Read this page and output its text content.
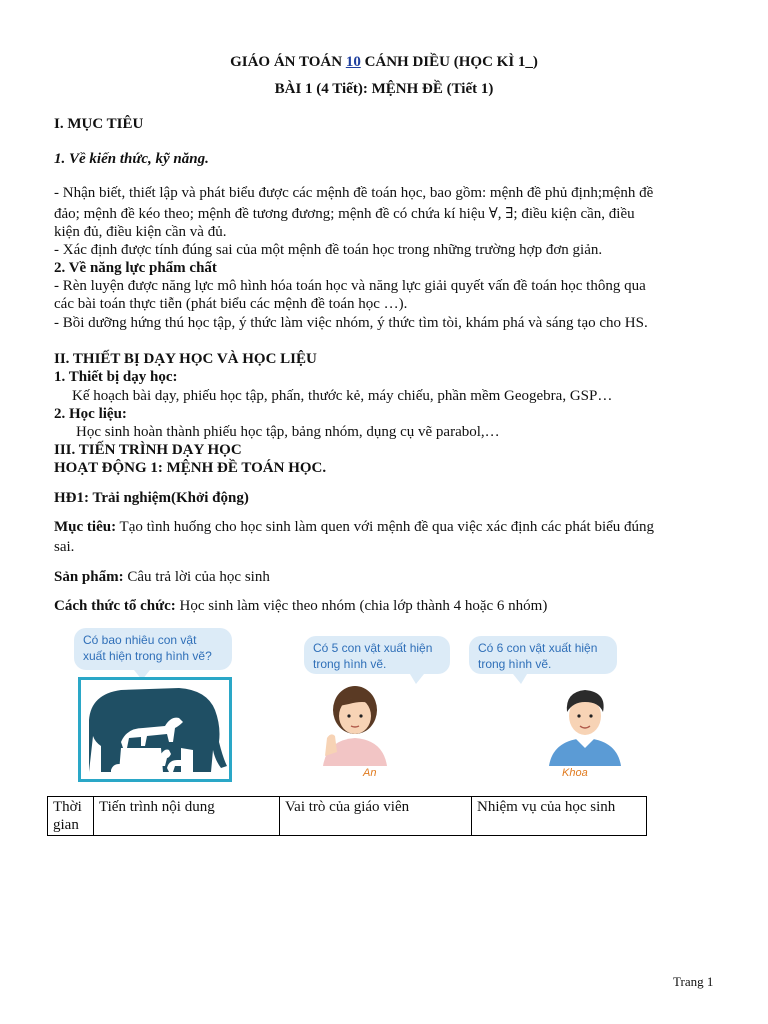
GIÁO ÁN TOÁN 10 CÁNH DIỀU (HỌC KÌ 1_)
BÀI 1 (4 Tiết): MỆNH ĐỀ (Tiết 1)
I. MỤC TIÊU
1. Về kiến thức, kỹ năng.
- Nhận biết, thiết lập và phát biểu được các mệnh đề toán học, bao gồm: mệnh đề phủ định;mệnh đề
đảo; mệnh đề kéo theo; mệnh đề tương đương; mệnh đề có chứa kí hiệu ∀, ∃; điều kiện cần, điều
kiện đủ, điều kiện cần và đủ.
- Xác định được tính đúng sai của một mệnh đề toán học trong những trường hợp đơn giản.
2. Về năng lực phẩm chất
- Rèn luyện được năng lực mô hình hóa toán học và năng lực giải quyết vấn đề toán học thông qua
các bài toán thực tiễn (phát biểu các mệnh đề toán học …).
- Bồi dưỡng hứng thú học tập, ý thức làm việc nhóm, ý thức tìm tòi, khám phá và sáng tạo cho HS.
II. THIẾT BỊ DẠY HỌC VÀ HỌC LIỆU
1. Thiết bị dạy học:
Kế hoạch bài dạy, phiếu học tập, phấn, thước kẻ, máy chiếu, phần mềm Geogebra, GSP…
2. Học liệu:
Học sinh hoàn thành phiếu học tập, bảng nhóm, dụng cụ vẽ parabol,…
III. TIẾN TRÌNH DẠY HỌC
HOẠT ĐỘNG 1: MỆNH ĐỀ TOÁN HỌC.
HĐ1: Trải nghiệm(Khởi động)
Mục tiêu: Tạo tình huống cho học sinh làm quen với mệnh đề qua việc xác định các phát biểu đúng
sai.
Sản phẩm: Câu trả lời của học sinh
Cách thức tổ chức: Học sinh làm việc theo nhóm (chia lớp thành 4 hoặc 6 nhóm)
Có bao nhiêu con vật
xuất hiện trong hình vẽ?
Có 5 con vật xuất hiện
trong hình vẽ.
Có 6 con vật xuất hiện
trong hình vẽ.
An	Khoa
Thời
gian
	Tiến trình nội dung	Vai trò của giáo viên	Nhiệm vụ của học sinh
Trang 1
